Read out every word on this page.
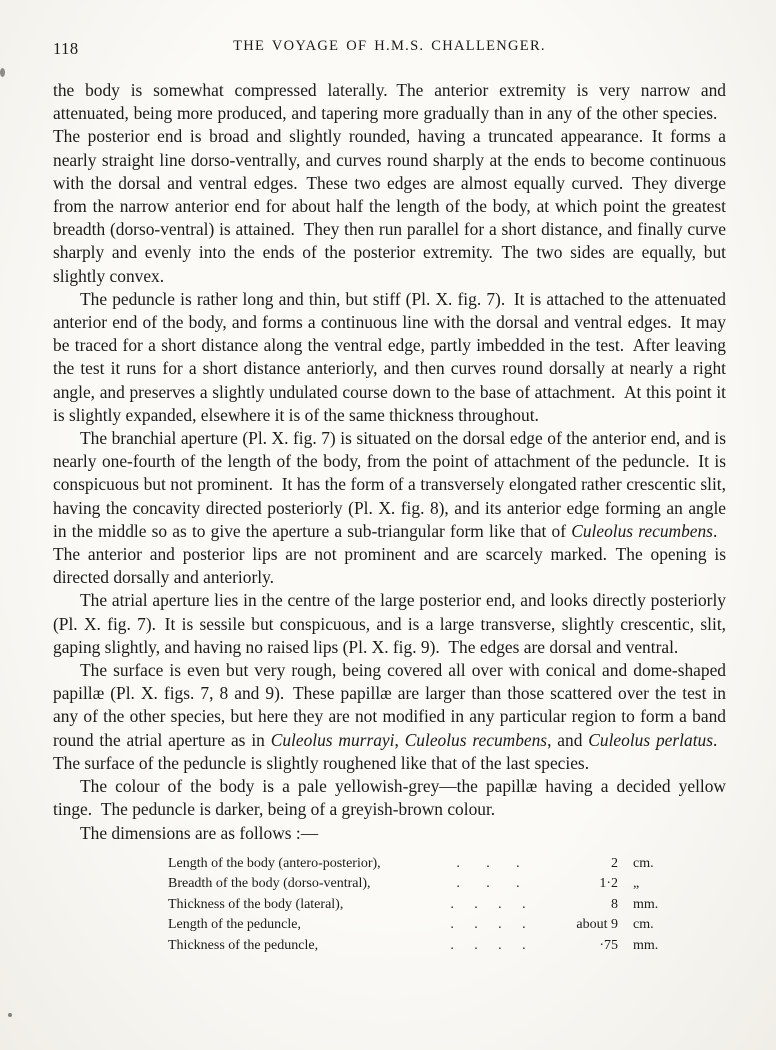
118	THE VOYAGE OF H.M.S. CHALLENGER.

the body is somewhat compressed laterally. The anterior extremity is very narrow and attenuated, being more produced, and tapering more gradually than in any of the other species. The posterior end is broad and slightly rounded, having a truncated appearance. It forms a nearly straight line dorso-ventrally, and curves round sharply at the ends to become continuous with the dorsal and ventral edges. These two edges are almost equally curved. They diverge from the narrow anterior end for about half the length of the body, at which point the greatest breadth (dorso-ventral) is attained. They then run parallel for a short distance, and finally curve sharply and evenly into the ends of the posterior extremity. The two sides are equally, but slightly convex.

The peduncle is rather long and thin, but stiff (Pl. X. fig. 7). It is attached to the attenuated anterior end of the body, and forms a continuous line with the dorsal and ventral edges. It may be traced for a short distance along the ventral edge, partly imbedded in the test. After leaving the test it runs for a short distance anteriorly, and then curves round dorsally at nearly a right angle, and preserves a slightly undulated course down to the base of attachment. At this point it is slightly expanded, elsewhere it is of the same thickness throughout.

The branchial aperture (Pl. X. fig. 7) is situated on the dorsal edge of the anterior end, and is nearly one-fourth of the length of the body, from the point of attachment of the peduncle. It is conspicuous but not prominent. It has the form of a transversely elongated rather crescentic slit, having the concavity directed posteriorly (Pl. X. fig. 8), and its anterior edge forming an angle in the middle so as to give the aperture a sub-triangular form like that of Culeolus recumbens. The anterior and posterior lips are not prominent and are scarcely marked. The opening is directed dorsally and anteriorly.

The atrial aperture lies in the centre of the large posterior end, and looks directly posteriorly (Pl. X. fig. 7). It is sessile but conspicuous, and is a large transverse, slightly crescentic, slit, gaping slightly, and having no raised lips (Pl. X. fig. 9). The edges are dorsal and ventral.

The surface is even but very rough, being covered all over with conical and dome-shaped papillæ (Pl. X. figs. 7, 8 and 9). These papillæ are larger than those scattered over the test in any of the other species, but here they are not modified in any particular region to form a band round the atrial aperture as in Culeolus murrayi, Culeolus recumbens, and Culeolus perlatus. The surface of the peduncle is slightly roughened like that of the last species.

The colour of the body is a pale yellowish-grey—the papillæ having a decided yellow tinge. The peduncle is darker, being of a greyish-brown colour.

The dimensions are as follows :—

Length of the body (antero-posterior),	. . .	2	cm.
Breadth of the body (dorso-ventral),	. . .	1·2	„
Thickness of the body (lateral),	. . . .	8	mm.
Length of the peduncle,	. . . .	about 9	cm.
Thickness of the peduncle,	. . . .	·75	mm.
